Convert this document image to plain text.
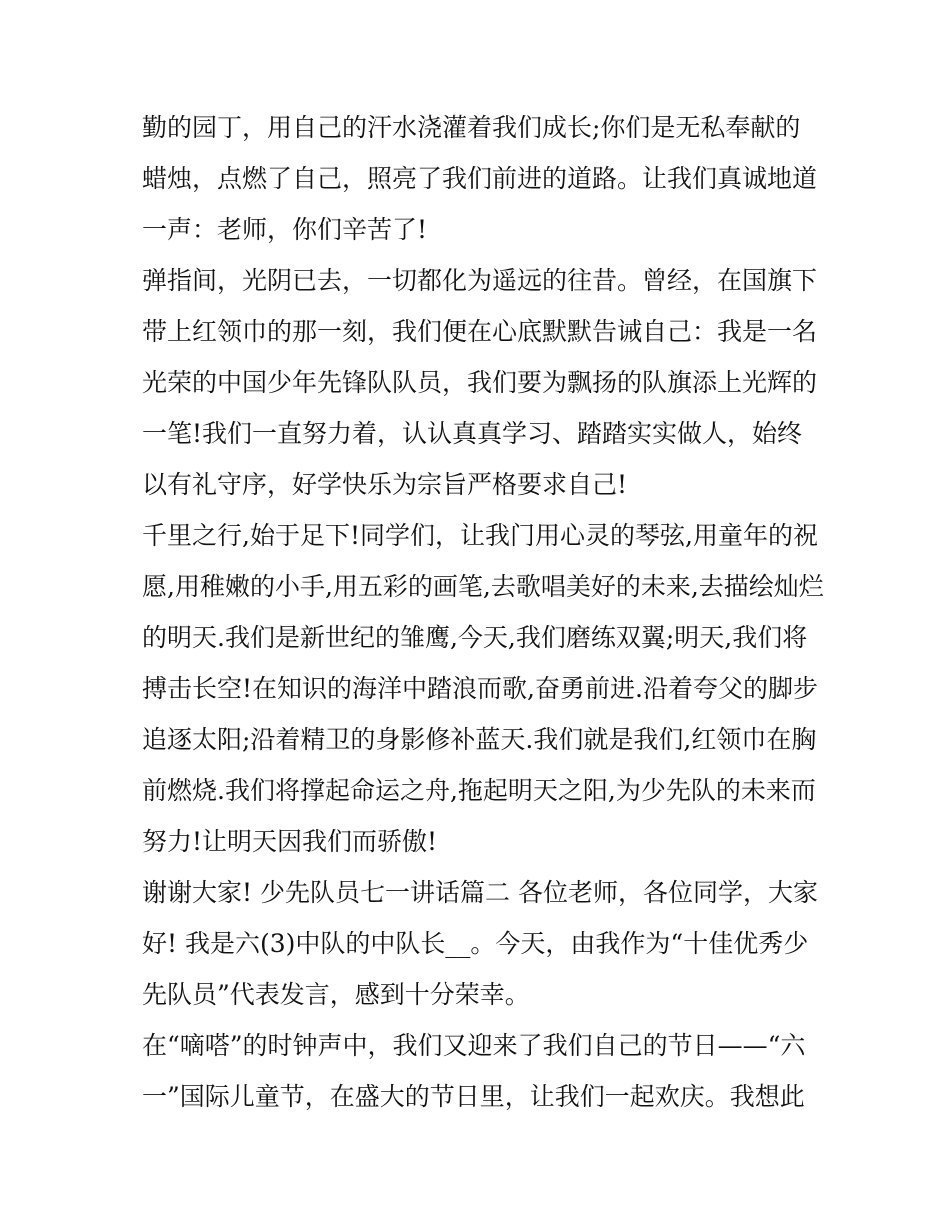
勤的园丁，用自己的汗水浇灌着我们成长;你们是无私奉献的
蜡烛，点燃了自己，照亮了我们前进的道路。让我们真诚地道
一声：老师，你们辛苦了!
弹指间，光阴已去，一切都化为遥远的往昔。曾经，在国旗下
带上红领巾的那一刻，我们便在心底默默告诫自己：我是一名
光荣的中国少年先锋队队员，我们要为飘扬的队旗添上光辉的
一笔!我们一直努力着，认认真真学习、踏踏实实做人，始终
以有礼守序，好学快乐为宗旨严格要求自己!
千里之行,始于足下!同学们，让我门用心灵的琴弦,用童年的祝
愿,用稚嫩的小手,用五彩的画笔,去歌唱美好的未来,去描绘灿烂
的明天.我们是新世纪的雏鹰,今天,我们磨练双翼;明天,我们将
搏击长空!在知识的海洋中踏浪而歌,奋勇前进.沿着夸父的脚步
追逐太阳;沿着精卫的身影修补蓝天.我们就是我们,红领巾在胸
前燃烧.我们将撑起命运之舟,拖起明天之阳,为少先队的未来而
努力!让明天因我们而骄傲!
谢谢大家! 少先队员七一讲话篇二 各位老师，各位同学，大家
好! 我是六(3)中队的中队长__。今天，由我作为“十佳优秀少
先队员”代表发言，感到十分荣幸。
在“嘀嗒”的时钟声中，我们又迎来了我们自己的节日——“六
一”国际儿童节，在盛大的节日里，让我们一起欢庆。我想此
